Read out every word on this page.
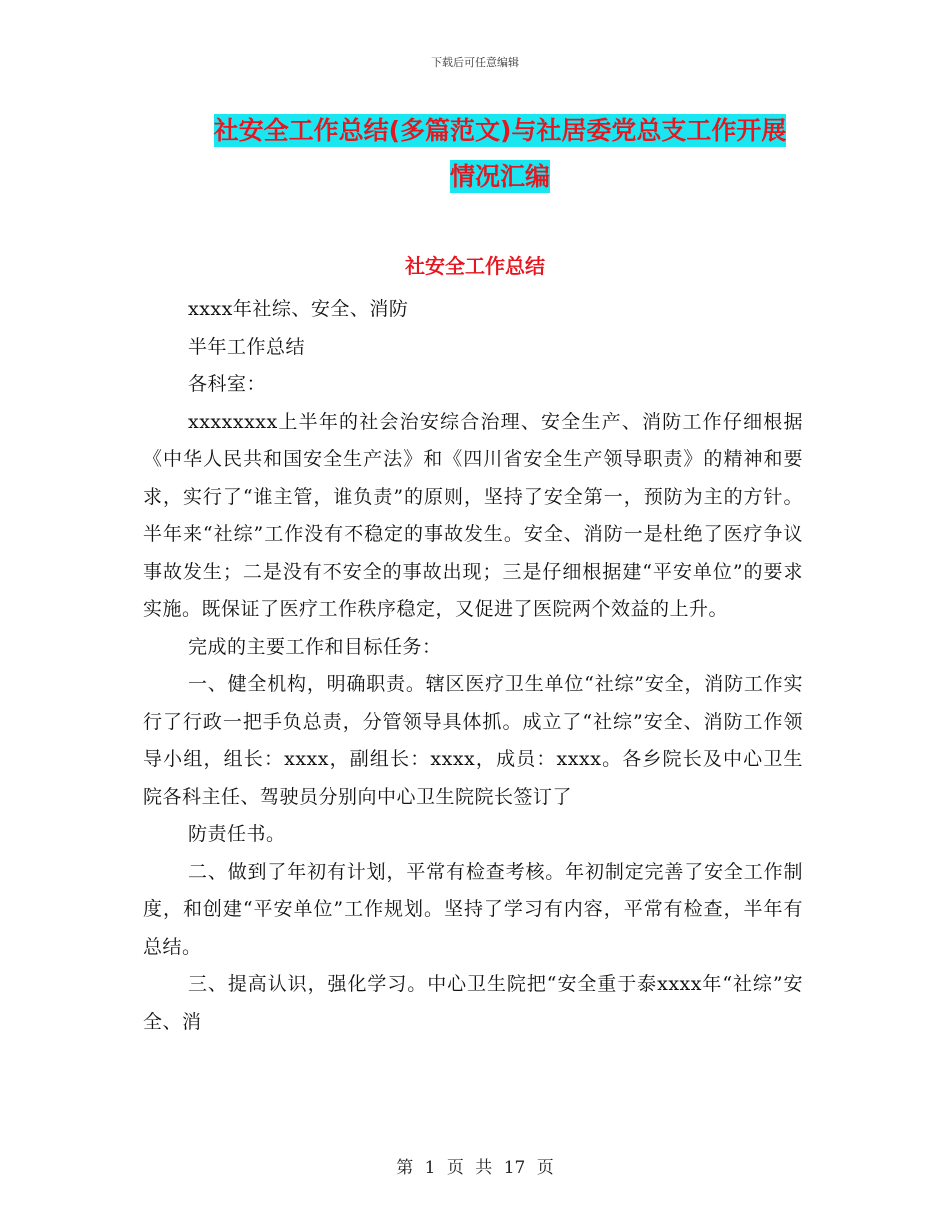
下载后可任意编辑
社安全工作总结(多篇范文)与社居委党总支工作开展
情况汇编
社安全工作总结

xxxx年社综、安全、消防

半年工作总结

各科室：

xxxxxxxx上半年的社会治安综合治理、安全生产、消防工作仔细根据《中华人民共和国安全生产法》和《四川省安全生产领导职责》的精神和要求，实行了“谁主管，谁负责”的原则，坚持了安全第一，预防为主的方针。半年来“社综”工作没有不稳定的事故发生。安全、消防一是杜绝了医疗争议事故发生；二是没有不安全的事故出现；三是仔细根据建“平安单位”的要求实施。既保证了医疗工作秩序稳定，又促进了医院两个效益的上升。

完成的主要工作和目标任务：

一、健全机构，明确职责。辖区医疗卫生单位“社综”安全，消防工作实行了行政一把手负总责，分管领导具体抓。成立了“社综”安全、消防工作领导小组，组长：xxxx，副组长：xxxx，成员：xxxx。各乡院长及中心卫生院各科主任、驾驶员分别向中心卫生院院长签订了

防责任书。

二、做到了年初有计划，平常有检查考核。年初制定完善了安全工作制度，和创建“平安单位”工作规划。坚持了学习有内容，平常有检查，半年有总结。

三、提高认识，强化学习。中心卫生院把“安全重于泰xxxx年“社综”安全、消

第 1 页 共 17 页
